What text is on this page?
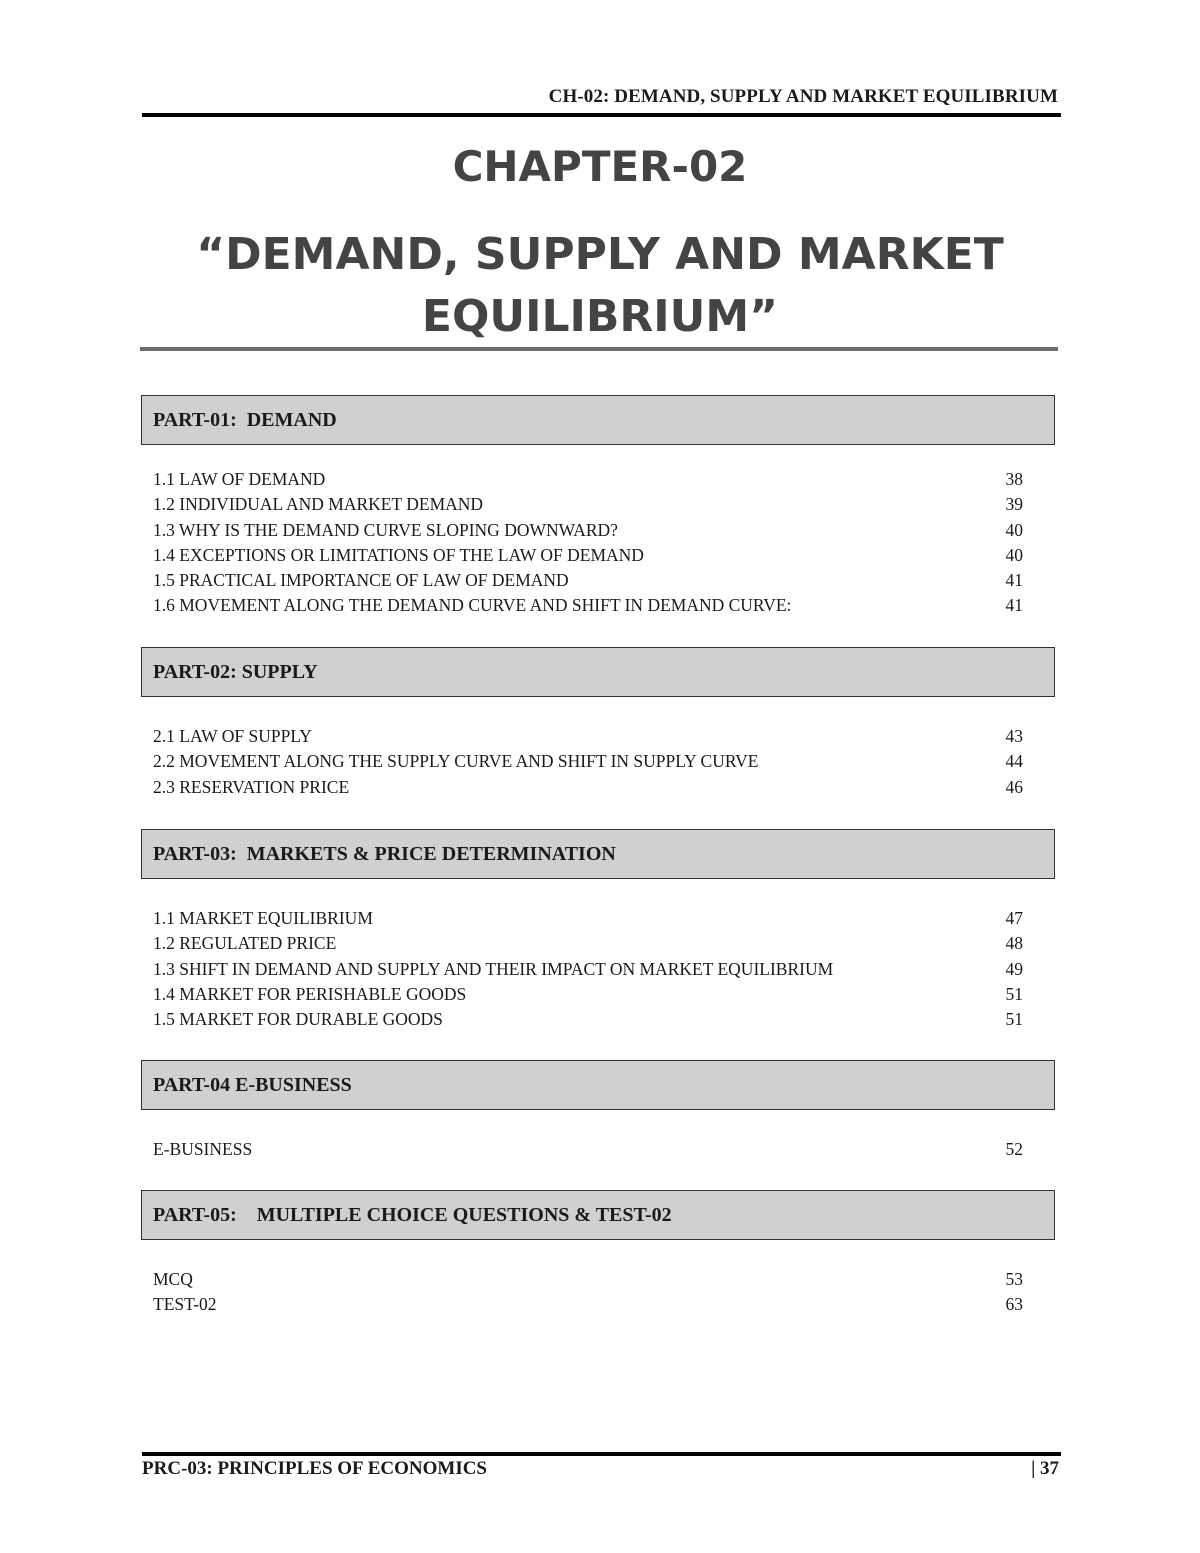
CH-02: DEMAND, SUPPLY AND MARKET EQUILIBRIUM
CHAPTER-02
“DEMAND, SUPPLY AND MARKET
EQUILIBRIUM”
PART-01:  DEMAND
1.1 LAW OF DEMAND	38
1.2 INDIVIDUAL AND MARKET DEMAND	39
1.3 WHY IS THE DEMAND CURVE SLOPING DOWNWARD?	40
1.4 EXCEPTIONS OR LIMITATIONS OF THE LAW OF DEMAND	40
1.5 PRACTICAL IMPORTANCE OF LAW OF DEMAND	41
1.6 MOVEMENT ALONG THE DEMAND CURVE AND SHIFT IN DEMAND CURVE:	41
PART-02: SUPPLY
2.1 LAW OF SUPPLY	43
2.2 MOVEMENT ALONG THE SUPPLY CURVE AND SHIFT IN SUPPLY CURVE	44
2.3 RESERVATION PRICE	46
PART-03:  MARKETS & PRICE DETERMINATION
1.1 MARKET EQUILIBRIUM	47
1.2 REGULATED PRICE	48
1.3 SHIFT IN DEMAND AND SUPPLY AND THEIR IMPACT ON MARKET EQUILIBRIUM	49
1.4 MARKET FOR PERISHABLE GOODS	51
1.5 MARKET FOR DURABLE GOODS	51
PART-04 E-BUSINESS
E-BUSINESS	52
PART-05:    MULTIPLE CHOICE QUESTIONS & TEST-02
MCQ	53
TEST-02	63
PRC-03: PRINCIPLES OF ECONOMICS	| 37
